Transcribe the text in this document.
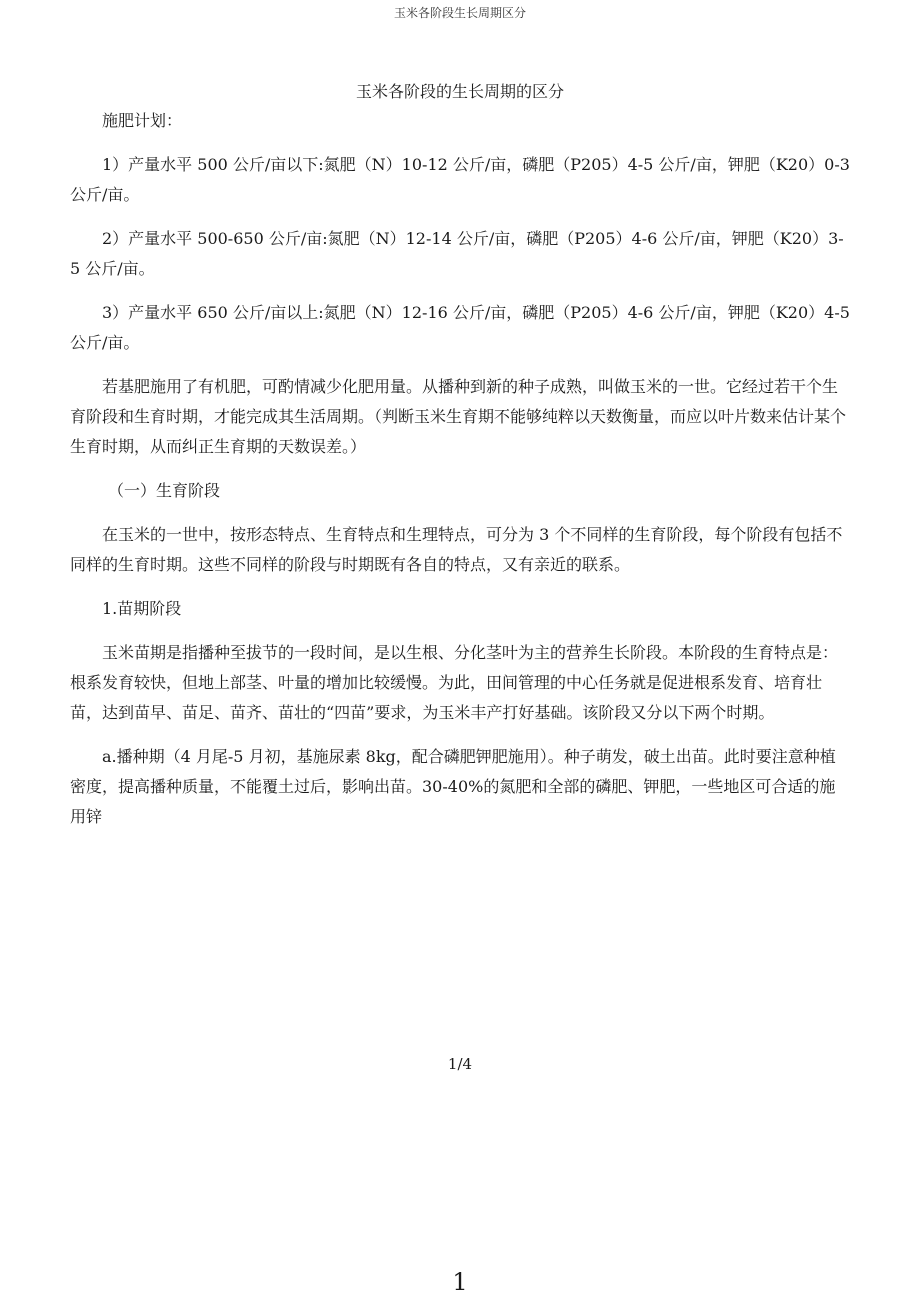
玉米各阶段生长周期区分
玉米各阶段的生长周期的区分
施肥计划：
1）产量水平 500 公斤/亩以下:氮肥（N）10-12 公斤/亩，磷肥（P205）4-5 公斤/亩，钾肥（K20）0-3 公斤/亩。
2）产量水平 500-650 公斤/亩:氮肥（N）12-14 公斤/亩，磷肥（P205）4-6 公斤/亩，钾肥（K20）3-5 公斤/亩。
3）产量水平 650 公斤/亩以上:氮肥（N）12-16 公斤/亩，磷肥（P205）4-6 公斤/亩，钾肥（K20）4-5 公斤/亩。
若基肥施用了有机肥，可酌情减少化肥用量。从播种到新的种子成熟，叫做玉米的一世。它经过若干个生育阶段和生育时期，才能完成其生活周期。（判断玉米生育期不能够纯粹以天数衡量，而应以叶片数来估计某个生育时期，从而纠正生育期的天数误差。）
（一）生育阶段
在玉米的一世中，按形态特点、生育特点和生理特点，可分为 3 个不同样的生育阶段，每个阶段有包括不同样的生育时期。这些不同样的阶段与时期既有各自的特点，又有亲近的联系。
1.苗期阶段
玉米苗期是指播种至拔节的一段时间，是以生根、分化茎叶为主的营养生长阶段。本阶段的生育特点是：根系发育较快，但地上部茎、叶量的增加比较缓慢。为此，田间管理的中心任务就是促进根系发育、培育壮苗，达到苗早、苗足、苗齐、苗壮的“四苗”要求，为玉米丰产打好基础。该阶段又分以下两个时期。
a.播种期（4 月尾-5 月初，基施尿素 8kg，配合磷肥钾肥施用）。种子萌发，破土出苗。此时要注意种植密度，提高播种质量，不能覆土过后，影响出苗。30-40%的氮肥和全部的磷肥、钾肥，一些地区可合适的施用锌
1/4
1
